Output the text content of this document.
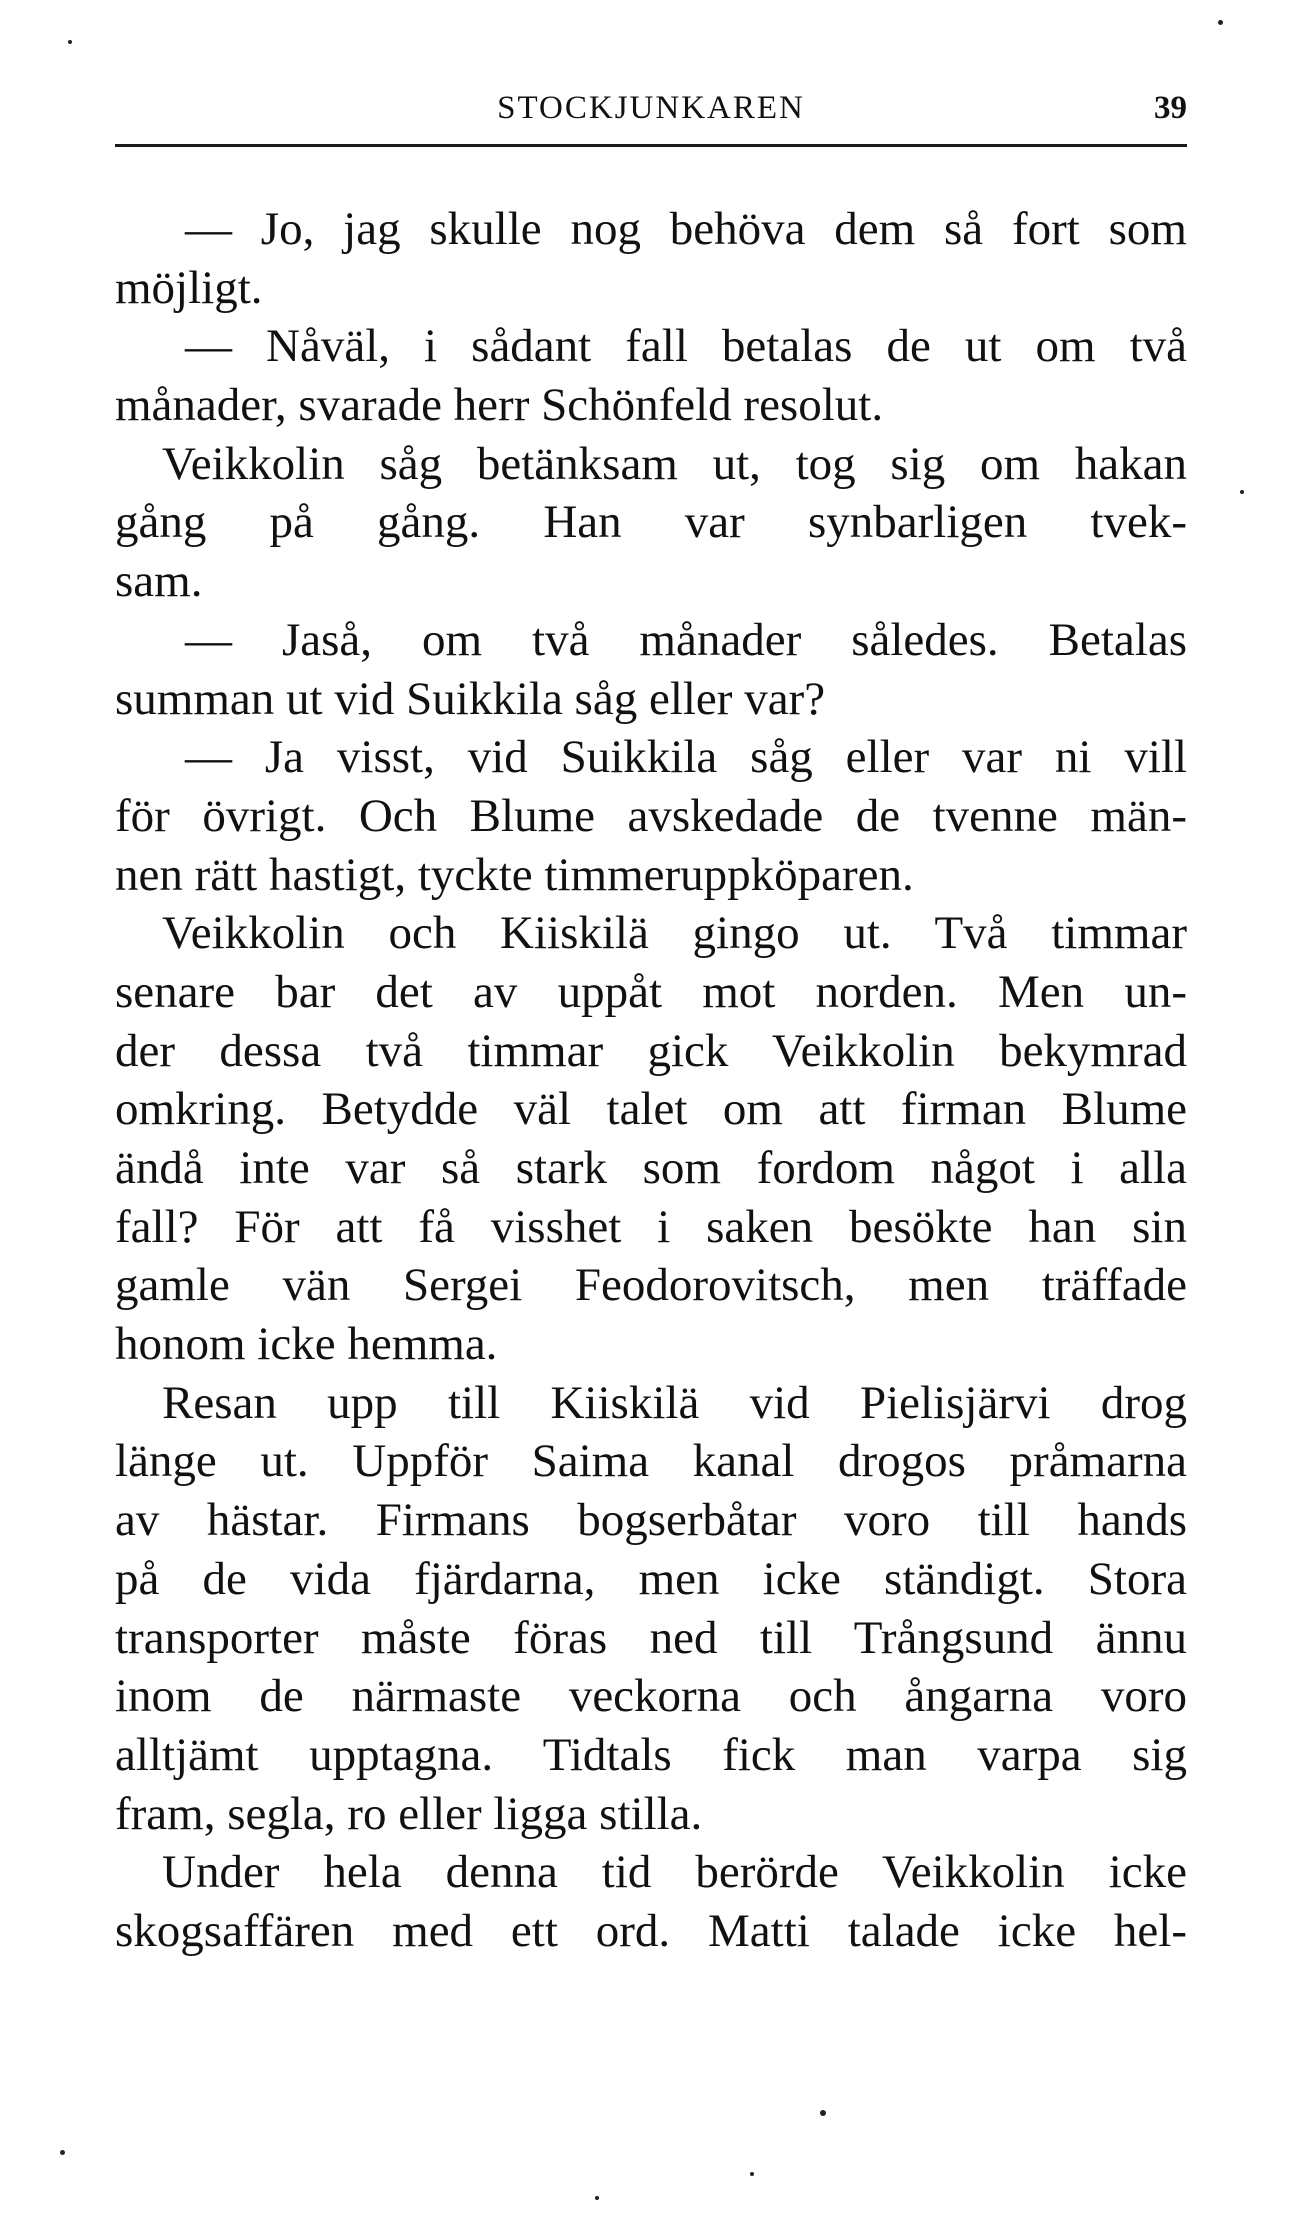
STOCKJUNKAREN	39
— Jo, jag skulle nog behöva dem så fort som
möjligt.
— Nåväl, i sådant fall betalas de ut om två
månader, svarade herr Schönfeld resolut.
Veikkolin såg betänksam ut, tog sig om hakan
gång på gång. Han var synbarligen tvek-
sam.
— Jaså, om två månader således. Betalas
summan ut vid Suikkila såg eller var?
— Ja visst, vid Suikkila såg eller var ni vill
för övrigt. Och Blume avskedade de tvenne män-
nen rätt hastigt, tyckte timmeruppköparen.
Veikkolin och Kiiskilä gingo ut. Två timmar
senare bar det av uppåt mot norden. Men un-
der dessa två timmar gick Veikkolin bekymrad
omkring. Betydde väl talet om att firman Blume
ändå inte var så stark som fordom något i alla
fall? För att få visshet i saken besökte han sin
gamle vän Sergei Feodorovitsch, men träffade
honom icke hemma.
Resan upp till Kiiskilä vid Pielisjärvi drog
länge ut. Uppför Saima kanal drogos pråmarna
av hästar. Firmans bogserbåtar voro till hands
på de vida fjärdarna, men icke ständigt. Stora
transporter måste föras ned till Trångsund ännu
inom de närmaste veckorna och ångarna voro
alltjämt upptagna. Tidtals fick man varpa sig
fram, segla, ro eller ligga stilla.
Under hela denna tid berörde Veikkolin icke
skogsaffären med ett ord. Matti talade icke hel-
